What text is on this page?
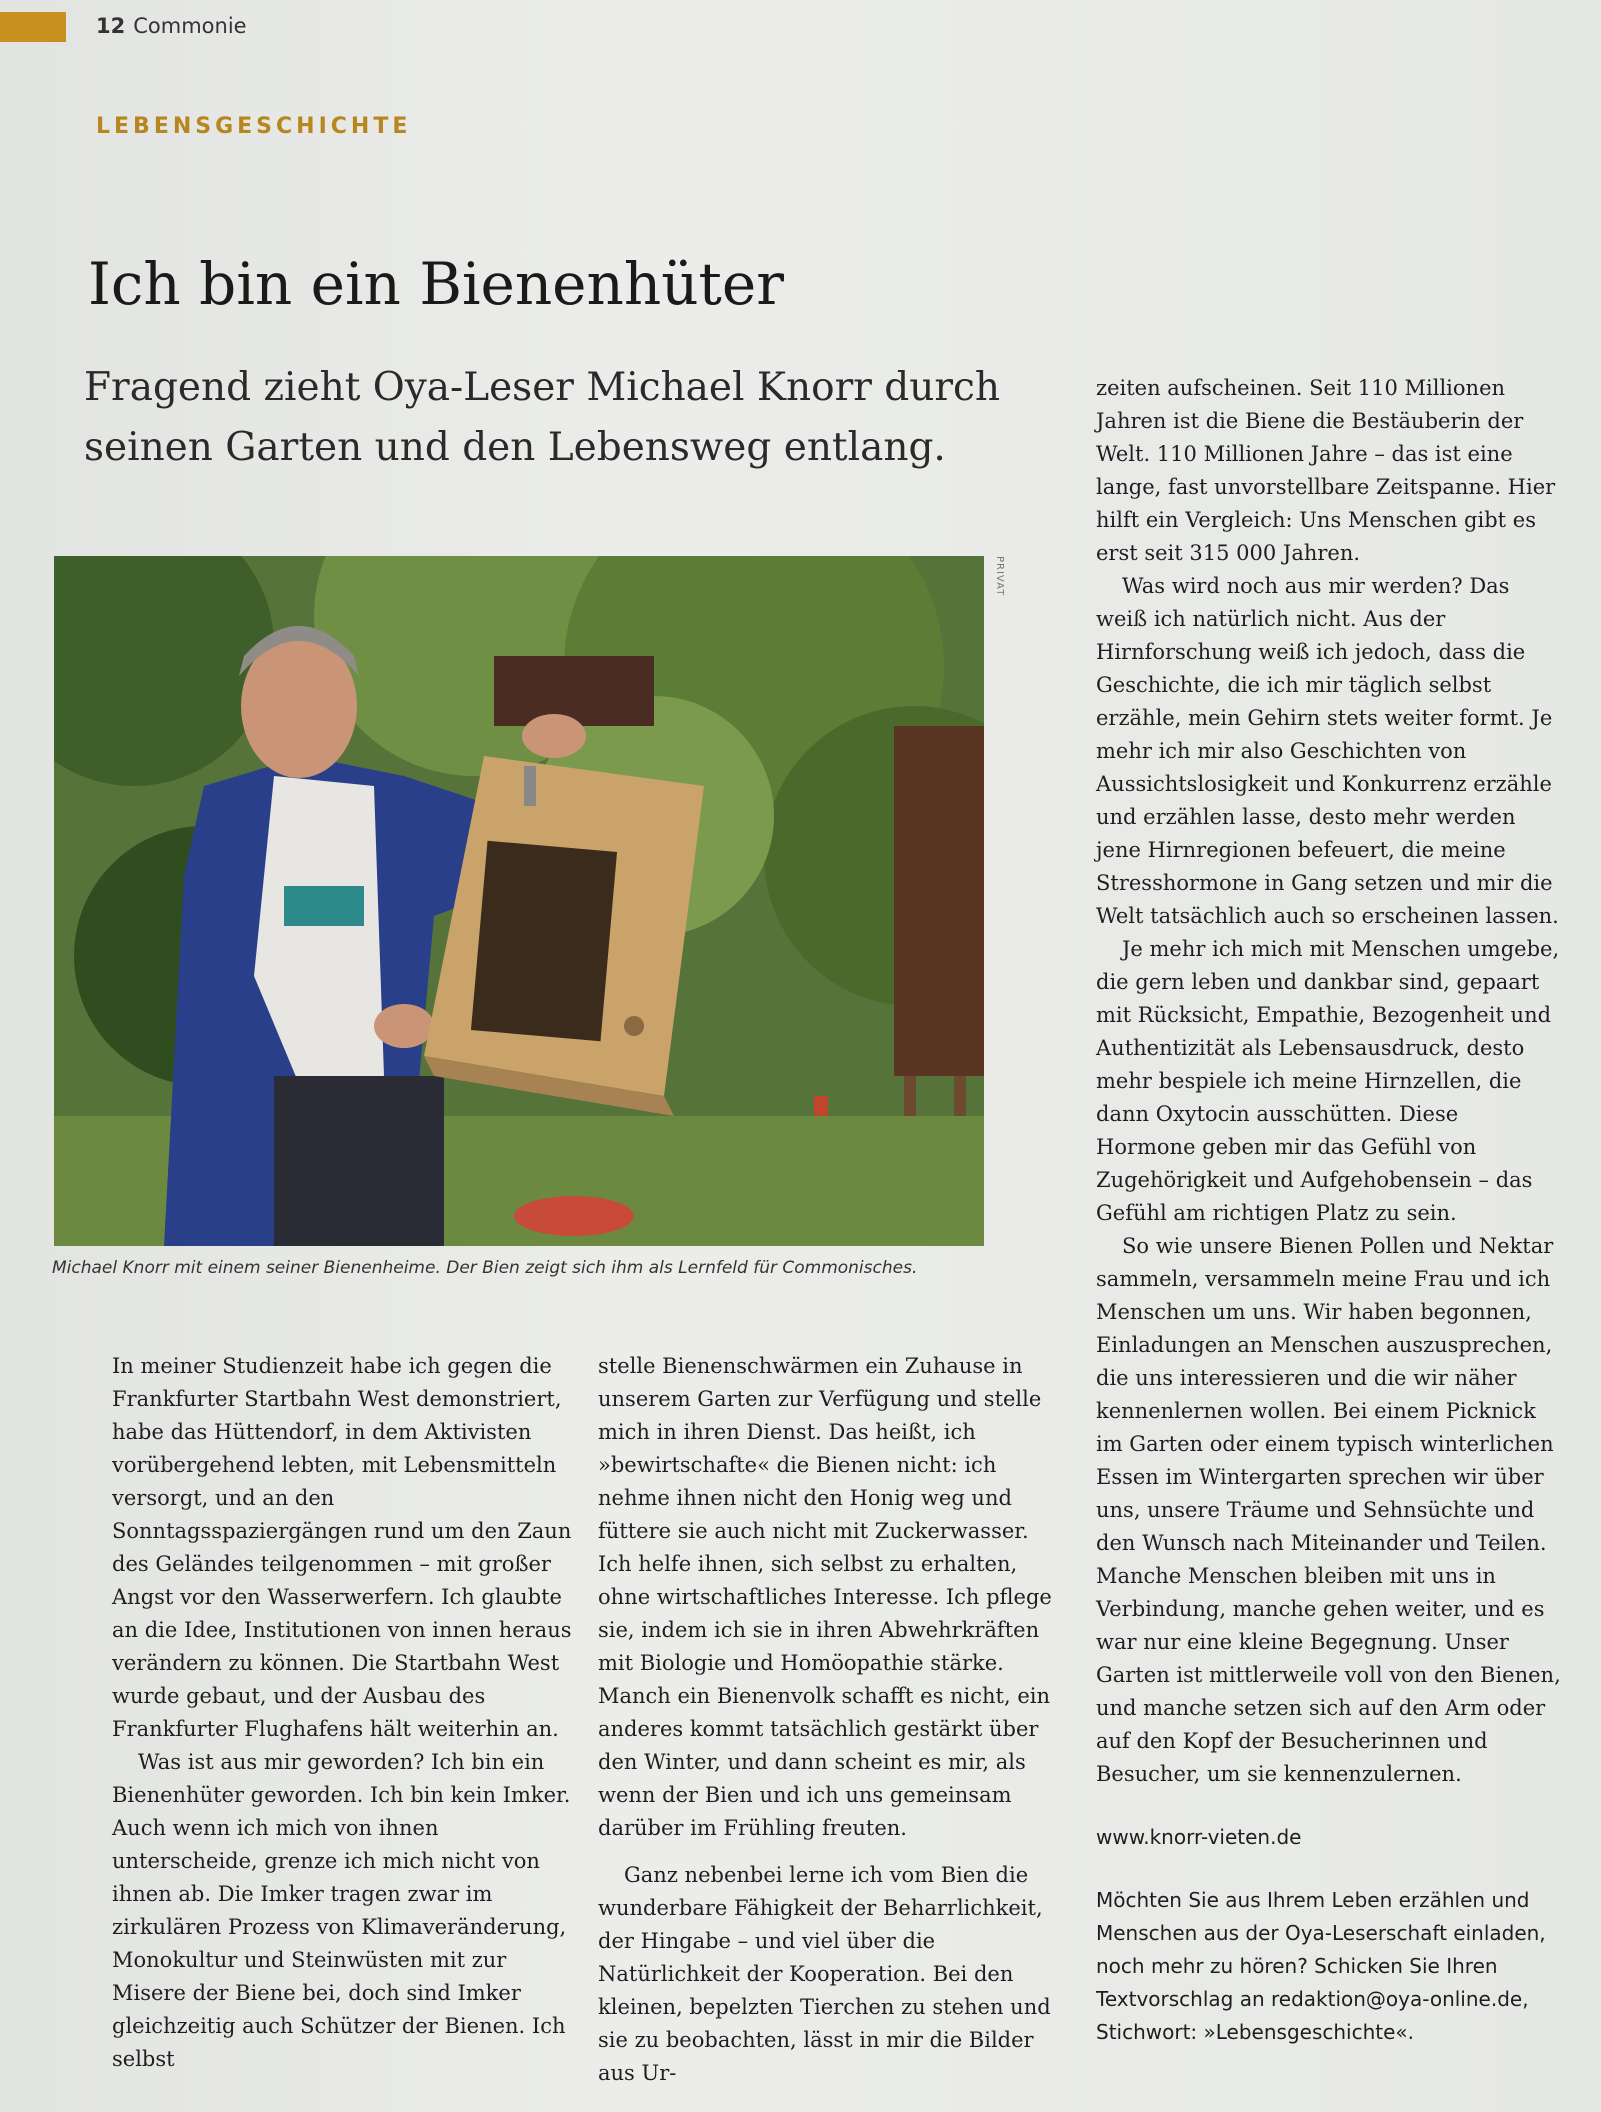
12 Commonie
LEBENSGESCHICHTE
Ich bin ein Bienenhüter

Fragend zieht Oya-Leser Michael Knorr durch seinen Garten und den Lebensweg entlang.

PRIVAT
Michael Knorr mit einem seiner Bienenheime. Der Bien zeigt sich ihm als Lernfeld für Commonisches.

In meiner Studienzeit habe ich gegen die Frankfurter Startbahn West demonstriert, habe das Hüttendorf, in dem Aktivisten vorübergehend lebten, mit Lebensmitteln versorgt, und an den Sonntagsspaziergängen rund um den Zaun des Geländes teilgenommen – mit großer Angst vor den Wasserwerfern. Ich glaubte an die Idee, Institutionen von innen heraus verändern zu können. Die Startbahn West wurde gebaut, und der Ausbau des Frankfurter Flughafens hält weiterhin an.

Was ist aus mir geworden? Ich bin ein Bienenhüter geworden. Ich bin kein Imker. Auch wenn ich mich von ihnen unterscheide, grenze ich mich nicht von ihnen ab. Die Imker tragen zwar im zirkulären Prozess von Klimaveränderung, Monokultur und Steinwüsten mit zur Misere der Biene bei, doch sind Imker gleichzeitig auch Schützer der Bienen. Ich selbst

stelle Bienenschwärmen ein Zuhause in unserem Garten zur Verfügung und stelle mich in ihren Dienst. Das heißt, ich »bewirtschafte« die Bienen nicht: ich nehme ihnen nicht den Honig weg und füttere sie auch nicht mit Zuckerwasser. Ich helfe ihnen, sich selbst zu erhalten, ohne wirtschaftliches Interesse. Ich pflege sie, indem ich sie in ihren Abwehrkräften mit Biologie und Homöopathie stärke. Manch ein Bienenvolk schafft es nicht, ein anderes kommt tatsächlich gestärkt über den Winter, und dann scheint es mir, als wenn der Bien und ich uns gemeinsam darüber im Frühling freuten.

Ganz nebenbei lerne ich vom Bien die wunderbare Fähigkeit der Beharrlichkeit, der Hingabe – und viel über die Natürlichkeit der Kooperation. Bei den kleinen, bepelzten Tierchen zu stehen und sie zu beobachten, lässt in mir die Bilder aus Ur-

zeiten aufscheinen. Seit 110 Millionen Jahren ist die Biene die Bestäuberin der Welt. 110 Millionen Jahre – das ist eine lange, fast unvorstellbare Zeitspanne. Hier hilft ein Vergleich: Uns Menschen gibt es erst seit 315 000 Jahren.

Was wird noch aus mir werden? Das weiß ich natürlich nicht. Aus der Hirnforschung weiß ich jedoch, dass die Geschichte, die ich mir täglich selbst erzähle, mein Gehirn stets weiter formt. Je mehr ich mir also Geschichten von Aussichtslosigkeit und Konkurrenz erzähle und erzählen lasse, desto mehr werden jene Hirnregionen befeuert, die meine Stresshormone in Gang setzen und mir die Welt tatsächlich auch so erscheinen lassen.

Je mehr ich mich mit Menschen umgebe, die gern leben und dankbar sind, gepaart mit Rücksicht, Empathie, Bezogenheit und Authentizität als Lebensausdruck, desto mehr bespiele ich meine Hirnzellen, die dann Oxytocin ausschütten. Diese Hormone geben mir das Gefühl von Zugehörigkeit und Aufgehobensein – das Gefühl am richtigen Platz zu sein.

So wie unsere Bienen Pollen und Nektar sammeln, versammeln meine Frau und ich Menschen um uns. Wir haben begonnen, Einladungen an Menschen auszusprechen, die uns interessieren und die wir näher kennenlernen wollen. Bei einem Picknick im Garten oder einem typisch winterlichen Essen im Wintergarten sprechen wir über uns, unsere Träume und Sehnsüchte und den Wunsch nach Miteinander und Teilen. Manche Menschen bleiben mit uns in Verbindung, manche gehen weiter, und es war nur eine kleine Begegnung. Unser Garten ist mittlerweile voll von den Bienen, und manche setzen sich auf den Arm oder auf den Kopf der Besucherinnen und Besucher, um sie kennenzulernen.

www.knorr-vieten.de

Möchten Sie aus Ihrem Leben erzählen und Menschen aus der Oya-Leserschaft einladen, noch mehr zu hören? Schicken Sie Ihren Textvorschlag an redaktion@oya-online.de, Stichwort: »Lebensgeschichte«.
